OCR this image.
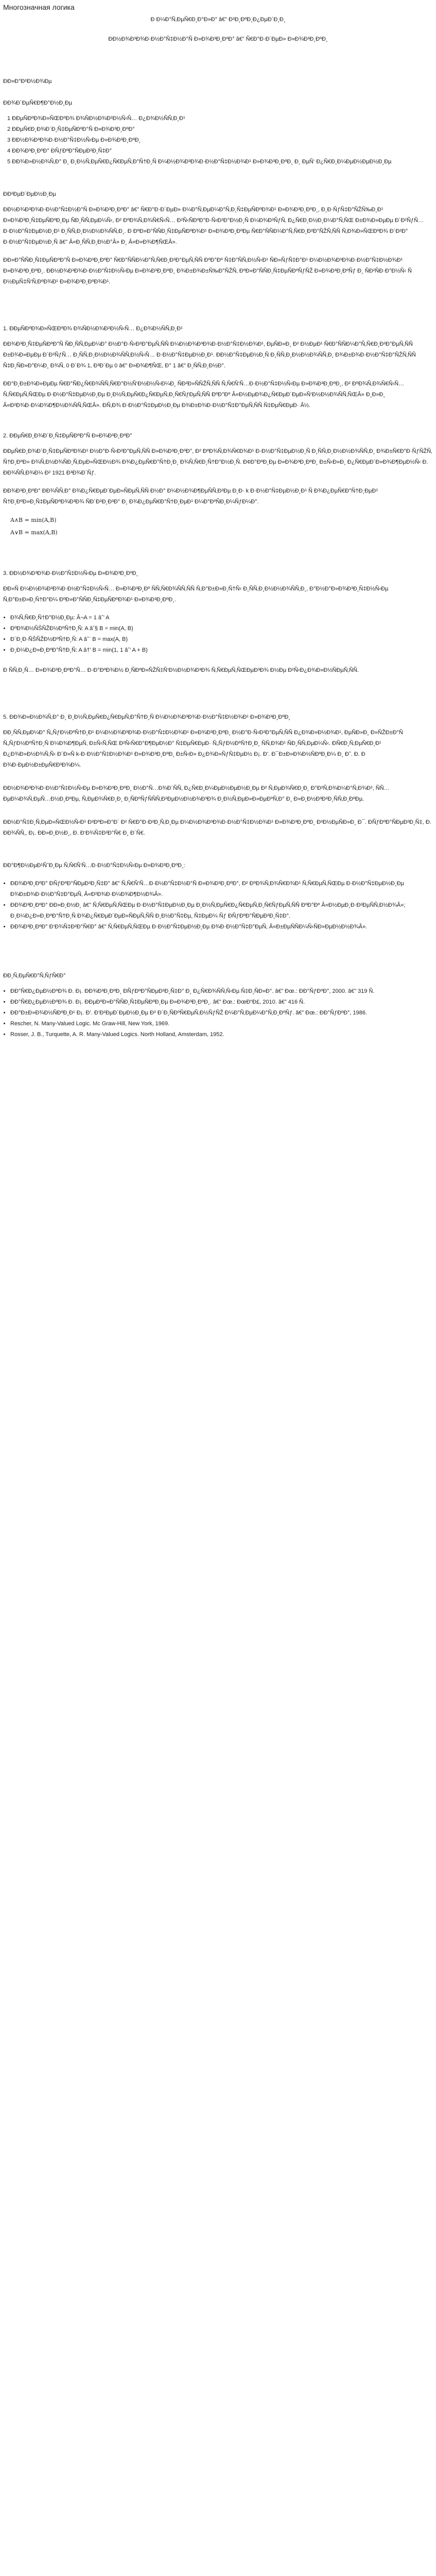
Многозначная логика
Ð Ð¼Ð°Ñ‚ÐµÑ€Ð¸Ð°Ð»Ð° â€” Ð²Ð¸ÐºÐ¸Ð¿ÐµÐ´Ð¸Ð¸
ÐÐ½Ð¾Ð³Ð¾Ð·Ð½Ð°Ñ‡Ð½Ð°Ñ Ð»Ð¾Ð³Ð¸ÐºÐ° â€” Ñ€Ð°Ð·Ð´ÐµÐ» Ð»Ð¾Ð³Ð¸ÐºÐ¸
ÐÐ»Ð°Ð²Ð½Ð¾Ðµ
ÐÐ¾Ð´ÐµÑ€Ð¶Ð°Ð½Ð¸Ðµ
1 ÐÐµÑÐºÐ¾Ð»ÑŒÐºÐ¾ Ð¾ÑÐ½Ð¾Ð²Ð½Ñ‹Ñ… Ð¿Ð¾Ð½ÑÑ‚Ð¸Ð¹
2 ÐÐµÑ€Ð¸Ð¾Ð´Ð¸Ñ‡ÐµÑÐºÐ°Ñ Ð»Ð¾Ð³Ð¸ÐºÐ°
3 ÐÐ½Ð¾Ð³Ð¾Ð·Ð½Ð°Ñ‡Ð½Ñ‹Ðµ Ð»Ð¾Ð³Ð¸ÐºÐ¸
4 ÐÐ¾Ð³Ð¸ÐºÐ° ÐÑƒÐºÐ°ÑÐµÐ²Ð¸Ñ‡Ð°
5 ÐÐ¾Ð»Ð½Ð¾Ñ‚Ð° Ð¸ Ð¸Ð½Ñ‚ÐµÑ€Ð¿Ñ€ÐµÑ‚Ð°Ñ†Ð¸Ñ Ð¼Ð½Ð¾Ð³Ð¾Ð·Ð½Ð°Ñ‡Ð½Ð¾Ð¹ Ð»Ð¾Ð³Ð¸ÐºÐ¸ Ð¸ ÐµÑ‘ Ð¿Ñ€Ð¸Ð¼ÐµÐ½ÐµÐ½Ð¸Ðµ
ÐÐ²ÐµÐ´ÐµÐ½Ð¸Ðµ

ÐÐ½Ð¾Ð³Ð¾Ð·Ð½Ð°Ñ‡Ð½Ð°Ñ Ð»Ð¾Ð³Ð¸ÐºÐ° â€” Ñ€Ð°Ð·Ð´ÐµÐ» Ð¼Ð°Ñ‚ÐµÐ¼Ð°Ñ‚Ð¸Ñ‡ÐµÑÐºÐ¾Ð¹ Ð»Ð¾Ð³Ð¸ÐºÐ¸, Ð¸Ð·ÑƒÑ‡Ð°ÑŽÑ‰Ð¸Ð¹ Ð»Ð¾Ð³Ð¸Ñ‡ÐµÑÐºÐ¸Ðµ ÑÐ¸ÑÑ‚ÐµÐ¼Ñ‹, Ð² ÐºÐ¾Ñ‚Ð¾Ñ€Ñ‹Ñ… Ð²Ñ‹ÑÐºÐ°Ð·Ñ‹Ð²Ð°Ð½Ð¸Ñ Ð¼Ð¾Ð³ÑƒÑ‚ Ð¿Ñ€Ð¸Ð½Ð¸Ð¼Ð°Ñ‚ÑŒ Ð±Ð¾Ð»ÐµÐµ Ð´Ð²ÑƒÑ… Ð·Ð½Ð°Ñ‡ÐµÐ½Ð¸Ð¹ Ð¸ÑÑ‚Ð¸Ð½Ð½Ð¾ÑÑ‚Ð¸. Ð ÐºÐ»Ð°ÑÑÐ¸Ñ‡ÐµÑÐºÐ¾Ð¹ Ð»Ð¾Ð³Ð¸ÐºÐµ Ñ€Ð°ÑÑÐ¼Ð°Ñ‚Ñ€Ð¸Ð²Ð°ÑŽÑ‚ÑÑ Ñ‚Ð¾Ð»ÑŒÐºÐ¾ Ð´Ð²Ð° Ð·Ð½Ð°Ñ‡ÐµÐ½Ð¸Ñ â€” Â«Ð¸ÑÑ‚Ð¸Ð½Ð°Â» Ð¸ Â«Ð»Ð¾Ð¶ÑŒÂ».

ÐÐ»Ð°ÑÑÐ¸Ñ‡ÐµÑÐºÐ°Ñ Ð»Ð¾Ð³Ð¸ÐºÐ° Ñ€Ð°ÑÑÐ¼Ð°Ñ‚Ñ€Ð¸Ð²Ð°ÐµÑ‚ÑÑ ÐºÐ°Ðº Ñ‡Ð°ÑÑ‚Ð½Ñ‹Ð¹ ÑÐ»ÑƒÑ‡Ð°Ð¹ Ð¼Ð½Ð¾Ð³Ð¾Ð·Ð½Ð°Ñ‡Ð½Ð¾Ð¹ Ð»Ð¾Ð³Ð¸ÐºÐ¸. ÐÐ½Ð¾Ð³Ð¾Ð·Ð½Ð°Ñ‡Ð½Ñ‹Ðµ Ð»Ð¾Ð³Ð¸ÐºÐ¸ Ð¾Ð±Ð¾Ð±Ñ‰Ð°ÑŽÑ‚ ÐºÐ»Ð°ÑÑÐ¸Ñ‡ÐµÑÐºÑƒÑŽ Ð»Ð¾Ð³Ð¸ÐºÑƒ Ð¸ ÑÐ²ÑÐ·Ð°Ð½Ñ‹ Ñ Ð½ÐµÑ‡Ñ‘Ñ‚ÐºÐ¾Ð¹ Ð»Ð¾Ð³Ð¸ÐºÐ¾Ð¹.

1. ÐÐµÑÐºÐ¾Ð»ÑŒÐºÐ¾ Ð¾ÑÐ½Ð¾Ð²Ð½Ñ‹Ñ… Ð¿Ð¾Ð½ÑÑ‚Ð¸Ð¹

ÐÐ¾Ð³Ð¸Ñ‡ÐµÑÐºÐ°Ñ ÑÐ¸ÑÑ‚ÐµÐ¼Ð° Ð½Ð°Ð·Ñ‹Ð²Ð°ÐµÑ‚ÑÑ Ð¼Ð½Ð¾Ð³Ð¾Ð·Ð½Ð°Ñ‡Ð½Ð¾Ð¹, ÐµÑÐ»Ð¸ Ð² Ð½ÐµÐ¹ Ñ€Ð°ÑÑÐ¼Ð°Ñ‚Ñ€Ð¸Ð²Ð°ÐµÑ‚ÑÑ Ð±Ð¾Ð»ÐµÐµ Ð´Ð²ÑƒÑ… Ð¸ÑÑ‚Ð¸Ð½Ð½Ð¾ÑÑ‚Ð½Ñ‹Ñ… Ð·Ð½Ð°Ñ‡ÐµÐ½Ð¸Ð¹. ÐÐ½Ð°Ñ‡ÐµÐ½Ð¸Ñ Ð¸ÑÑ‚Ð¸Ð½Ð½Ð¾ÑÑ‚Ð¸ Ð¾Ð±Ð¾Ð·Ð½Ð°Ñ‡Ð°ÑŽÑ‚ÑÑ Ñ‡Ð¸ÑÐ»Ð°Ð¼Ð¸ Ð¾Ñ‚ 0 Ð´Ð¾ 1, Ð³Ð´Ðµ 0 â€” Ð»Ð¾Ð¶ÑŒ, Ð° 1 â€” Ð¸ÑÑ‚Ð¸Ð½Ð°.

ÐÐ°Ð¸Ð±Ð¾Ð»ÐµÐµ Ñ€Ð°ÑÐ¿Ñ€Ð¾ÑÑ‚Ñ€Ð°Ð½Ñ‘Ð½Ð½Ñ‹Ð¼Ð¸ ÑÐ²Ð»ÑÑŽÑ‚ÑÑ Ñ‚Ñ€Ñ‘Ñ…Ð·Ð½Ð°Ñ‡Ð½Ñ‹Ðµ Ð»Ð¾Ð³Ð¸ÐºÐ¸, Ð² ÐºÐ¾Ñ‚Ð¾Ñ€Ñ‹Ñ… Ñ‚Ñ€ÐµÑ‚ÑŒÐµ Ð·Ð½Ð°Ñ‡ÐµÐ½Ð¸Ðµ Ð¸Ð½Ñ‚ÐµÑ€Ð¿Ñ€ÐµÑ‚Ð¸Ñ€ÑƒÐµÑ‚ÑÑ ÐºÐ°Ðº Â«Ð½ÐµÐ¾Ð¿Ñ€ÐµÐ´ÐµÐ»Ñ‘Ð½Ð½Ð¾ÑÑ‚ÑŒÂ» Ð¸Ð»Ð¸ Â«Ð²Ð¾Ð·Ð¼Ð¾Ð¶Ð½Ð¾ÑÑ‚ÑŒÂ». ÐÑ‚Ð¾ Ð·Ð½Ð°Ñ‡ÐµÐ½Ð¸Ðµ Ð¾Ð±Ð¾Ð·Ð½Ð°Ñ‡Ð°ÐµÑ‚ÑÑ Ñ‡ÐµÑ€ÐµÐ· Â½.

2. ÐÐµÑ€Ð¸Ð¾Ð´Ð¸Ñ‡ÐµÑÐºÐ°Ñ Ð»Ð¾Ð³Ð¸ÐºÐ°

ÐÐµÑ€Ð¸Ð¾Ð´Ð¸Ñ‡ÐµÑÐºÐ¾Ð¹ Ð½Ð°Ð·Ñ‹Ð²Ð°ÐµÑ‚ÑÑ Ð»Ð¾Ð³Ð¸ÐºÐ°, Ð² ÐºÐ¾Ñ‚Ð¾Ñ€Ð¾Ð¹ Ð·Ð½Ð°Ñ‡ÐµÐ½Ð¸Ñ Ð¸ÑÑ‚Ð¸Ð½Ð½Ð¾ÑÑ‚Ð¸ Ð¾Ð±Ñ€Ð°Ð·ÑƒÑŽÑ‚ Ñ†Ð¸ÐºÐ» Ð¾Ñ‚Ð½Ð¾ÑÐ¸Ñ‚ÐµÐ»ÑŒÐ½Ð¾ Ð¾Ð¿ÐµÑ€Ð°Ñ†Ð¸Ð¸ Ð¾Ñ‚Ñ€Ð¸Ñ†Ð°Ð½Ð¸Ñ. Ð¢Ð°ÐºÐ¸Ðµ Ð»Ð¾Ð³Ð¸ÐºÐ¸ Ð±Ñ‹Ð»Ð¸ Ð¿Ñ€ÐµÐ´Ð»Ð¾Ð¶ÐµÐ½Ñ‹ Ð. ÐÐ¾ÑÑ‚Ð¾Ð¼ Ð² 1921 Ð³Ð¾Ð´Ñƒ.

ÐÐ¾Ð³Ð¸ÐºÐ° ÐÐ¾ÑÑ‚Ð° Ð¾Ð¿Ñ€ÐµÐ´ÐµÐ»ÑÐµÑ‚ÑÑ Ð½Ð° Ð¼Ð½Ð¾Ð¶ÐµÑÑ‚Ð²Ðµ Ð¸Ð· k Ð·Ð½Ð°Ñ‡ÐµÐ½Ð¸Ð¹ Ñ Ð¾Ð¿ÐµÑ€Ð°Ñ†Ð¸ÐµÐ¹ Ñ†Ð¸ÐºÐ»Ð¸Ñ‡ÐµÑÐºÐ¾Ð³Ð¾ ÑÐ´Ð²Ð¸Ð³Ð° Ð¸ Ð¾Ð¿ÐµÑ€Ð°Ñ†Ð¸ÐµÐ¹ Ð¼Ð°ÐºÑÐ¸Ð¼ÑƒÐ¼Ð°.

A∧B = min(A,B)
A∨B = max(A,B)
3. ÐÐ½Ð¾Ð³Ð¾Ð·Ð½Ð°Ñ‡Ð½Ñ‹Ðµ Ð»Ð¾Ð³Ð¸ÐºÐ¸

ÐÐ»Ñ Ð¼Ð½Ð¾Ð³Ð¾Ð·Ð½Ð°Ñ‡Ð½Ñ‹Ñ… Ð»Ð¾Ð³Ð¸Ðº ÑÑ‚Ñ€Ð¾ÑÑ‚ÑÑ Ñ‚Ð°Ð±Ð»Ð¸Ñ†Ñ‹ Ð¸ÑÑ‚Ð¸Ð½Ð½Ð¾ÑÑ‚Ð¸, Ð°Ð½Ð°Ð»Ð¾Ð³Ð¸Ñ‡Ð½Ñ‹Ðµ Ñ‚Ð°Ð±Ð»Ð¸Ñ†Ð°Ð¼ ÐºÐ»Ð°ÑÑÐ¸Ñ‡ÐµÑÐºÐ¾Ð¹ Ð»Ð¾Ð³Ð¸ÐºÐ¸.

• Ð¾Ñ‚Ñ€Ð¸Ñ†Ð°Ð½Ð¸Ðµ: Â¬A = 1 âˆ’ A
• ÐºÐ¾Ð½ÑŠÑŽÐ½ÐºÑ†Ð¸Ñ: A âˆ§ B = min(A, B)
• Ð´Ð¸Ð·ÑŠÑŽÐ½ÐºÑ†Ð¸Ñ: A âˆ¨ B = max(A, B)
• Ð¸Ð¼Ð¿Ð»Ð¸ÐºÐ°Ñ†Ð¸Ñ: A â†’ B = min(1, 1 âˆ’ A + B)

Ð ÑÑ‚Ð¸Ñ… Ð»Ð¾Ð³Ð¸ÐºÐ°Ñ… Ð·Ð°ÐºÐ¾Ð½ Ð¸ÑÐºÐ»ÑŽÑ‡Ñ‘Ð½Ð½Ð¾Ð³Ð¾ Ñ‚Ñ€ÐµÑ‚ÑŒÐµÐ³Ð¾ Ð½Ðµ Ð²Ñ‹Ð¿Ð¾Ð»Ð½ÑÐµÑ‚ÑÑ.

5. ÐÐ¾Ð»Ð½Ð¾Ñ‚Ð° Ð¸ Ð¸Ð½Ñ‚ÐµÑ€Ð¿Ñ€ÐµÑ‚Ð°Ñ†Ð¸Ñ Ð¼Ð½Ð¾Ð³Ð¾Ð·Ð½Ð°Ñ‡Ð½Ð¾Ð¹ Ð»Ð¾Ð³Ð¸ÐºÐ¸

ÐÐ¸ÑÑ‚ÐµÐ¼Ð° Ñ„ÑƒÐ½ÐºÑ†Ð¸Ð¹ Ð¼Ð½Ð¾Ð³Ð¾Ð·Ð½Ð°Ñ‡Ð½Ð¾Ð¹ Ð»Ð¾Ð³Ð¸ÐºÐ¸ Ð½Ð°Ð·Ñ‹Ð²Ð°ÐµÑ‚ÑÑ Ð¿Ð¾Ð»Ð½Ð¾Ð¹, ÐµÑÐ»Ð¸ Ð»ÑŽÐ±Ð°Ñ Ñ„ÑƒÐ½ÐºÑ†Ð¸Ñ Ð¼Ð¾Ð¶ÐµÑ‚ Ð±Ñ‹Ñ‚ÑŒ Ð²Ñ‹Ñ€Ð°Ð¶ÐµÐ½Ð° Ñ‡ÐµÑ€ÐµÐ· Ñ„ÑƒÐ½ÐºÑ†Ð¸Ð¸ ÑÑ‚Ð¾Ð¹ ÑÐ¸ÑÑ‚ÐµÐ¼Ñ‹. ÐÑ€Ð¸Ñ‚ÐµÑ€Ð¸Ð¹ Ð¿Ð¾Ð»Ð½Ð¾Ñ‚Ñ‹ Ð´Ð»Ñ k-Ð·Ð½Ð°Ñ‡Ð½Ð¾Ð¹ Ð»Ð¾Ð³Ð¸ÐºÐ¸ Ð±Ñ‹Ð» Ð¿Ð¾Ð»ÑƒÑ‡ÐµÐ½ Ð¡. Ð’. Ð¯Ð±Ð»Ð¾Ð½ÑÐºÐ¸Ð¼ Ð¸ Ð˜. Ð. Ð Ð¾Ð·ÐµÐ½Ð±ÐµÑ€Ð³Ð¾Ð¼.

ÐÐ½Ð¾Ð³Ð¾Ð·Ð½Ð°Ñ‡Ð½Ñ‹Ðµ Ð»Ð¾Ð³Ð¸ÐºÐ¸ Ð½Ð°Ñ…Ð¾Ð´ÑÑ‚ Ð¿Ñ€Ð¸Ð¼ÐµÐ½ÐµÐ½Ð¸Ðµ Ð² Ñ‚ÐµÐ¾Ñ€Ð¸Ð¸ Ð°Ð²Ñ‚Ð¾Ð¼Ð°Ñ‚Ð¾Ð², ÑÑ…ÐµÐ¼Ð¾Ñ‚ÐµÑ…Ð½Ð¸ÐºÐµ, Ñ‚ÐµÐ¾Ñ€Ð¸Ð¸ Ð¸ÑÐºÑƒÑÑÑ‚Ð²ÐµÐ½Ð½Ð¾Ð³Ð¾ Ð¸Ð½Ñ‚ÐµÐ»Ð»ÐµÐºÑ‚Ð° Ð¸ Ð»Ð¸Ð½Ð³Ð²Ð¸ÑÑ‚Ð¸ÐºÐµ.

ÐÐ½Ð°Ñ‡Ð¸Ñ‚ÐµÐ»ÑŒÐ½Ñ‹Ð¹ Ð²ÐºÐ»Ð°Ð´ Ð² Ñ€Ð°Ð·Ð²Ð¸Ñ‚Ð¸Ðµ Ð¼Ð½Ð¾Ð³Ð¾Ð·Ð½Ð°Ñ‡Ð½Ð¾Ð¹ Ð»Ð¾Ð³Ð¸ÐºÐ¸ Ð²Ð½ÐµÑÐ»Ð¸ Ð¯. ÐÑƒÐºÐ°ÑÐµÐ²Ð¸Ñ‡, Ð. ÐÐ¾ÑÑ‚, Ð¡. ÐÐ»Ð¸Ð½Ð¸, Ð. Ð‘Ð¾Ñ‡Ð²Ð°Ñ€ Ð¸ Ð´Ñ€.

ÐÐ°Ð¶Ð½ÐµÐ¹ÑˆÐ¸Ðµ Ñ‚Ñ€Ñ‘Ñ…Ð·Ð½Ð°Ñ‡Ð½Ñ‹Ðµ Ð»Ð¾Ð³Ð¸ÐºÐ¸:

• ÐÐ¾Ð³Ð¸ÐºÐ° ÐÑƒÐºÐ°ÑÐµÐ²Ð¸Ñ‡Ð° â€” Ñ‚Ñ€Ñ‘Ñ…Ð·Ð½Ð°Ñ‡Ð½Ð°Ñ Ð»Ð¾Ð³Ð¸ÐºÐ°, Ð² ÐºÐ¾Ñ‚Ð¾Ñ€Ð¾Ð¹ Ñ‚Ñ€ÐµÑ‚ÑŒÐµ Ð·Ð½Ð°Ñ‡ÐµÐ½Ð¸Ðµ Ð¾Ð±Ð¾Ð·Ð½Ð°Ñ‡Ð°ÐµÑ‚ Â«Ð²Ð¾Ð·Ð¼Ð¾Ð¶Ð½Ð¾Â».
• ÐÐ¾Ð³Ð¸ÐºÐ° ÐÐ»Ð¸Ð½Ð¸ â€” Ñ‚Ñ€ÐµÑ‚ÑŒÐµ Ð·Ð½Ð°Ñ‡ÐµÐ½Ð¸Ðµ Ð¸Ð½Ñ‚ÐµÑ€Ð¿Ñ€ÐµÑ‚Ð¸Ñ€ÑƒÐµÑ‚ÑÑ ÐºÐ°Ðº Â«Ð½ÐµÐ¸Ð·Ð²ÐµÑÑ‚Ð½Ð¾Â»; Ð¸Ð¼Ð¿Ð»Ð¸ÐºÐ°Ñ†Ð¸Ñ Ð¾Ð¿Ñ€ÐµÐ´ÐµÐ»ÑÐµÑ‚ÑÑ Ð¸Ð½Ð°Ñ‡Ðµ, Ñ‡ÐµÐ¼ Ñƒ ÐÑƒÐºÐ°ÑÐµÐ²Ð¸Ñ‡Ð°.
• ÐÐ¾Ð³Ð¸ÐºÐ° Ð‘Ð¾Ñ‡Ð²Ð°Ñ€Ð° â€” Ñ‚Ñ€ÐµÑ‚ÑŒÐµ Ð·Ð½Ð°Ñ‡ÐµÐ½Ð¸Ðµ Ð¾Ð·Ð½Ð°Ñ‡Ð°ÐµÑ‚ Â«Ð±ÐµÑÑÐ¼Ñ‹ÑÐ»ÐµÐ½Ð½Ð¾Â».
ÐÐ¸Ñ‚ÐµÑ€Ð°Ñ‚ÑƒÑ€Ð°
• ÐÐ°Ñ€Ð¿ÐµÐ½ÐºÐ¾ Ð. Ð¡. ÐÐ¾Ð³Ð¸ÐºÐ¸ ÐÑƒÐºÐ°ÑÐµÐ²Ð¸Ñ‡Ð° Ð¸ Ð¿Ñ€Ð¾ÑÑ‚Ñ‹Ðµ Ñ‡Ð¸ÑÐ»Ð°. â€” Ðœ.: ÐÐ°ÑƒÐºÐ°, 2000. â€” 319 Ñ.
• ÐÐ°Ñ€Ð¿ÐµÐ½ÐºÐ¾ Ð. Ð¡. ÐÐµÐºÐ»Ð°ÑÑÐ¸Ñ‡ÐµÑÐºÐ¸Ðµ Ð»Ð¾Ð³Ð¸ÐºÐ¸. â€” Ðœ.: ÐœÐ“Ð£, 2010. â€” 416 Ñ.
• ÐÐ°Ð±Ð»Ð¾Ð½ÑÐºÐ¸Ð¹ Ð¡. Ð’. Ð’Ð²ÐµÐ´ÐµÐ½Ð¸Ðµ Ð² Ð´Ð¸ÑÐºÑ€ÐµÑ‚Ð½ÑƒÑŽ Ð¼Ð°Ñ‚ÐµÐ¼Ð°Ñ‚Ð¸ÐºÑƒ. â€” Ðœ.: ÐÐ°ÑƒÐºÐ°, 1986.
• Rescher, N. Many-Valued Logic. Mc Graw-Hill, New York, 1969.
• Rosser, J. B., Turquette, A. R. Many-Valued Logics. North Holland, Amsterdam, 1952.
